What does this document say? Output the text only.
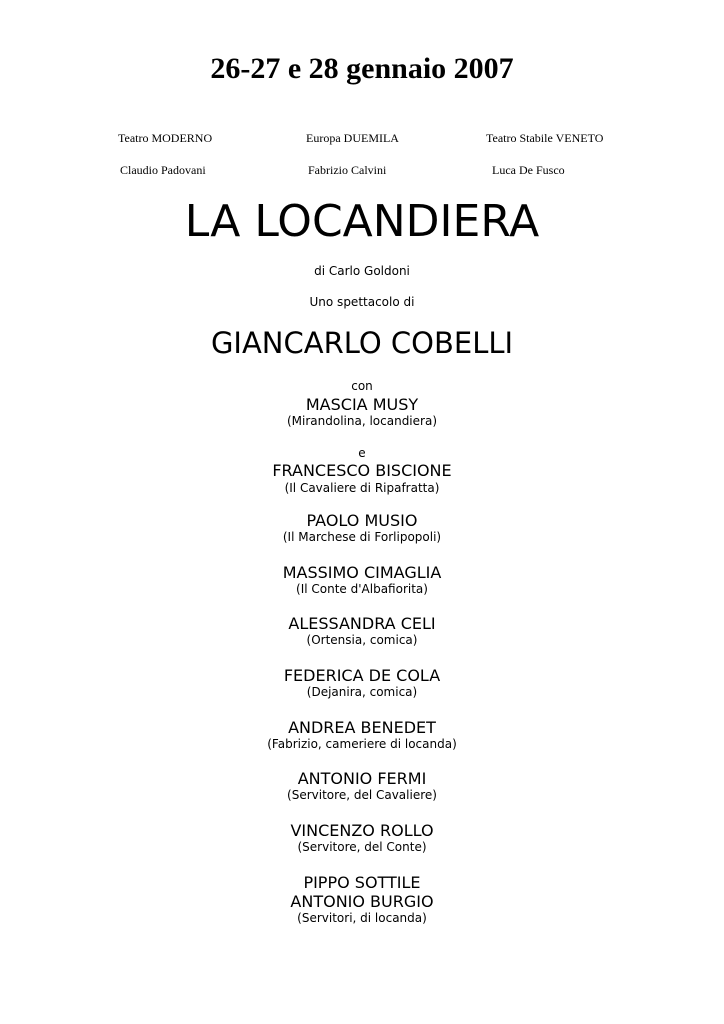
26-27 e 28 gennaio 2007
Teatro MODERNO	Europa DUEMILA	Teatro Stabile VENETO
Claudio Padovani	Fabrizio Calvini	Luca De Fusco
LA LOCANDIERA
di Carlo Goldoni
Uno spettacolo di
GIANCARLO COBELLI
con
MASCIA MUSY
(Mirandolina, locandiera)
e
FRANCESCO BISCIONE
(Il Cavaliere di Ripafratta)
PAOLO MUSIO
(Il Marchese di Forlipopoli)
MASSIMO CIMAGLIA
(Il Conte d'Albafiorita)
ALESSANDRA CELI
(Ortensia, comica)
FEDERICA DE COLA
(Dejanira, comica)
ANDREA BENEDET
(Fabrizio, cameriere di locanda)
ANTONIO FERMI
(Servitore, del Cavaliere)
VINCENZO ROLLO
(Servitore, del Conte)
PIPPO SOTTILE
ANTONIO BURGIO
(Servitori, di locanda)
